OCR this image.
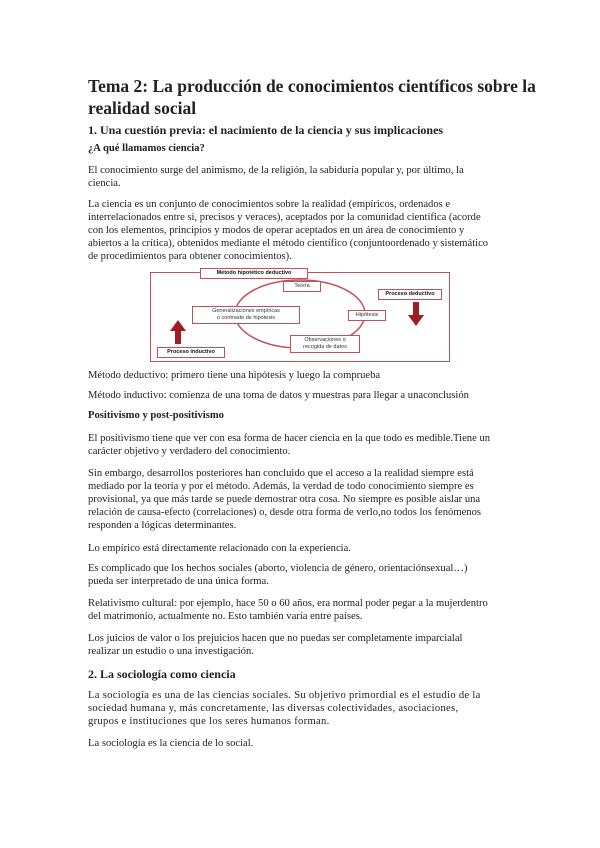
Tema 2: La producción de conocimientos científicos sobre la
realidad social
1. Una cuestión previa: el nacimiento de la ciencia y sus implicaciones
¿A qué llamamos ciencia?
El conocimiento surge del animismo, de la religión, la sabiduría popular y, por último, la
ciencia.
La ciencia es un conjunto de conocimientos sobre la realidad (empíricos, ordenados e
interrelacionados entre sí, precisos y veraces), aceptados por la comunidad científica (acorde
con los elementos, principios y modos de operar aceptados en un área de conocimiento y
abiertos a la crítica), obtenidos mediante el método científico (conjuntoordenado y sistemático
de procedimientos para obtener conocimientos).
Método hipotético deductivo
Teoría
Hipótesis
Observaciones o
recogida de datos
Generalizaciones empíricas
o contraste de hipótesis
Proceso deductivo
Proceso inductivo
Método deductivo: primero tiene una hipótesis y luego la comprueba
Método inductivo: comienza de una toma de datos y muestras para llegar a unaconclusión
Positivismo y post-positivismo
El positivismo tiene que ver con esa forma de hacer ciencia en la que todo es medible.Tiene un
carácter objetivo y verdadero del conocimiento.
Sin embargo, desarrollos posteriores han concluido que el acceso a la realidad siempre está
mediado por la teoría y por el método. Además, la verdad de todo conocimiento siempre es
provisional, ya que más tarde se puede demostrar otra cosa. No siempre es posible aislar una
relación de causa-efecto (correlaciones) o, desde otra forma de verlo,no todos los fenómenos
responden a lógicas determinantes.
Lo empírico está directamente relacionado con la experiencia.
Es complicado que los hechos sociales (aborto, violencia de género, orientaciónsexual…)
pueda ser interpretado de una única forma.
Relativismo cultural: por ejemplo, hace 50 o 60 años, era normal poder pegar a la mujerdentro
del matrimonio, actualmente no. Esto también varía entre países.
Los juicios de valor o los prejuicios hacen que no puedas ser completamente imparcialal
realizar un estudio o una investigación.
2. La sociología como ciencia
La sociología es una de las ciencias sociales. Su objetivo primordial es el estudio de la
sociedad humana y, más concretamente, las diversas colectividades, asociaciones,
grupos e instituciones que los seres humanos forman.
La sociología es la ciencia de lo social.
